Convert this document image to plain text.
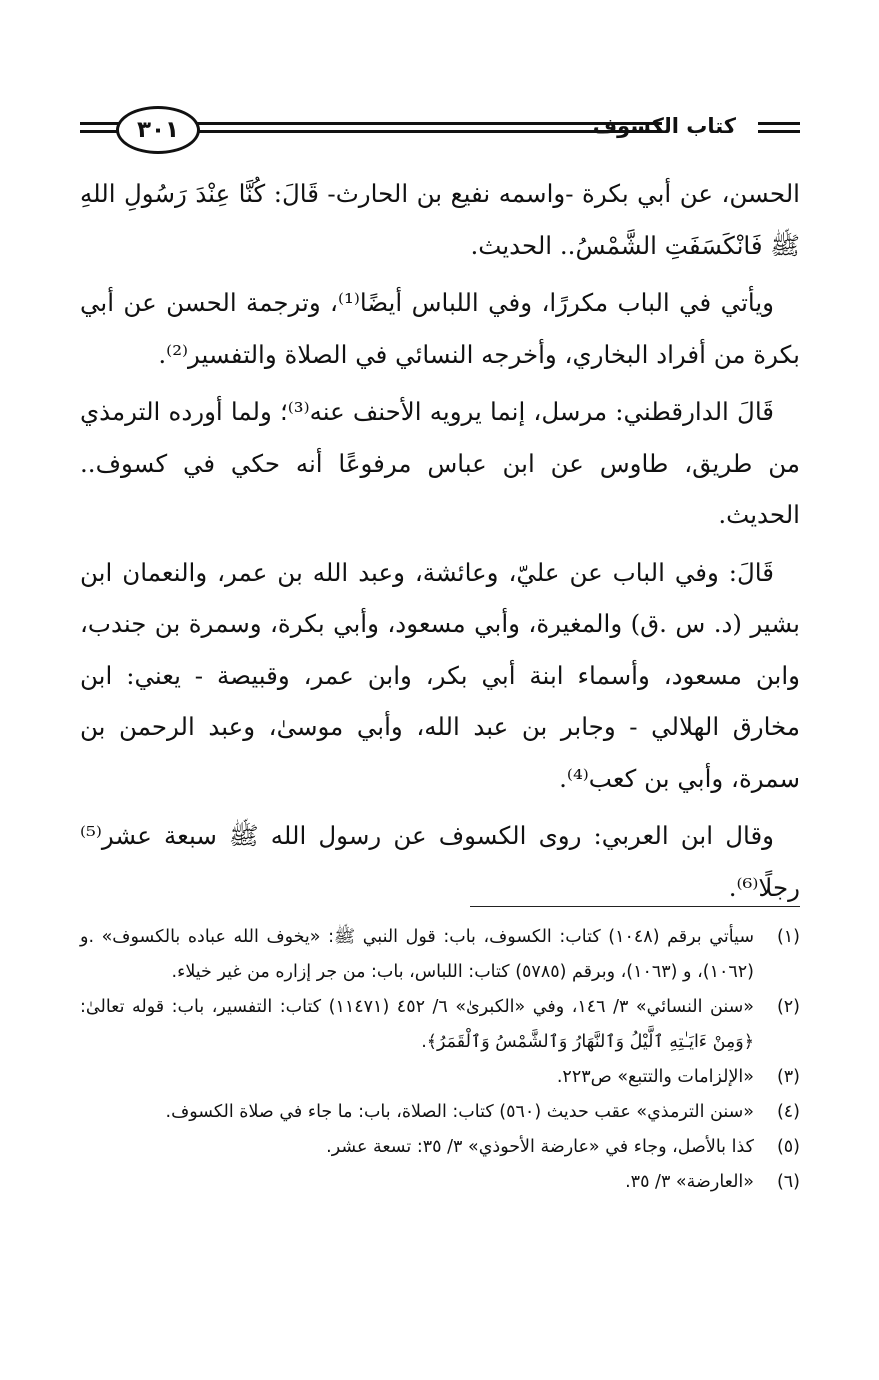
كتاب الكسوف
٣٠١

الحسن، عن أبي بكرة -واسمه نفيع بن الحارث- قَالَ: كُنَّا عِنْدَ رَسُولِ اللهِ ﷺ فَانْكَسَفَتِ الشَّمْسُ.. الحديث.

ويأتي في الباب مكررًا، وفي اللباس أيضًا⁽¹⁾، وترجمة الحسن عن أبي بكرة من أفراد البخاري، وأخرجه النسائي في الصلاة والتفسير⁽²⁾.

قَالَ الدارقطني: مرسل، إنما يرويه الأحنف عنه⁽³⁾؛ ولما أورده الترمذي من طريق، طاوس عن ابن عباس مرفوعًا أنه حكي في كسوف.. الحديث.

قَالَ: وفي الباب عن عليّ، وعائشة، وعبد الله بن عمر، والنعمان ابن بشير (د. س .ق) والمغيرة، وأبي مسعود، وأبي بكرة، وسمرة بن جندب، وابن مسعود، وأسماء ابنة أبي بكر، وابن عمر، وقبيصة - يعني: ابن مخارق الهلالي - وجابر بن عبد الله، وأبي موسىٰ، وعبد الرحمن بن سمرة، وأبي بن كعب⁽⁴⁾.

وقال ابن العربي: روى الكسوف عن رسول الله ﷺ سبعة عشر⁽⁵⁾ رجلًا⁽⁶⁾.

(١)
سيأتي برقم (١٠٤٨) كتاب: الكسوف، باب: قول النبي ﷺ: «يخوف الله عباده بالكسوف» .و (١٠٦٢)، و (١٠٦٣)، وبرقم (٥٧٨٥) كتاب: اللباس، باب: من جر إزاره من غير خيلاء.
(٢)
«سنن النسائي» ٣/ ١٤٦، وفي «الكبرىٰ» ٦/ ٤٥٢ (١١٤٧١) كتاب: التفسير، باب: قوله تعالىٰ: ﴿وَمِنْ ءَايَـٰتِهِ ٱلَّيْلُ وَٱلنَّهَارُ وَٱلشَّمْسُ وَٱلْقَمَرُ﴾.
(٣)
«الإلزامات والتتبع» ص٢٢٣.
(٤)
«سنن الترمذي» عقب حديث (٥٦٠) كتاب: الصلاة، باب: ما جاء في صلاة الكسوف.
(٥)
كذا بالأصل، وجاء في «عارضة الأحوذي» ٣/ ٣٥: تسعة عشر.
(٦)
«العارضة» ٣/ ٣٥.
